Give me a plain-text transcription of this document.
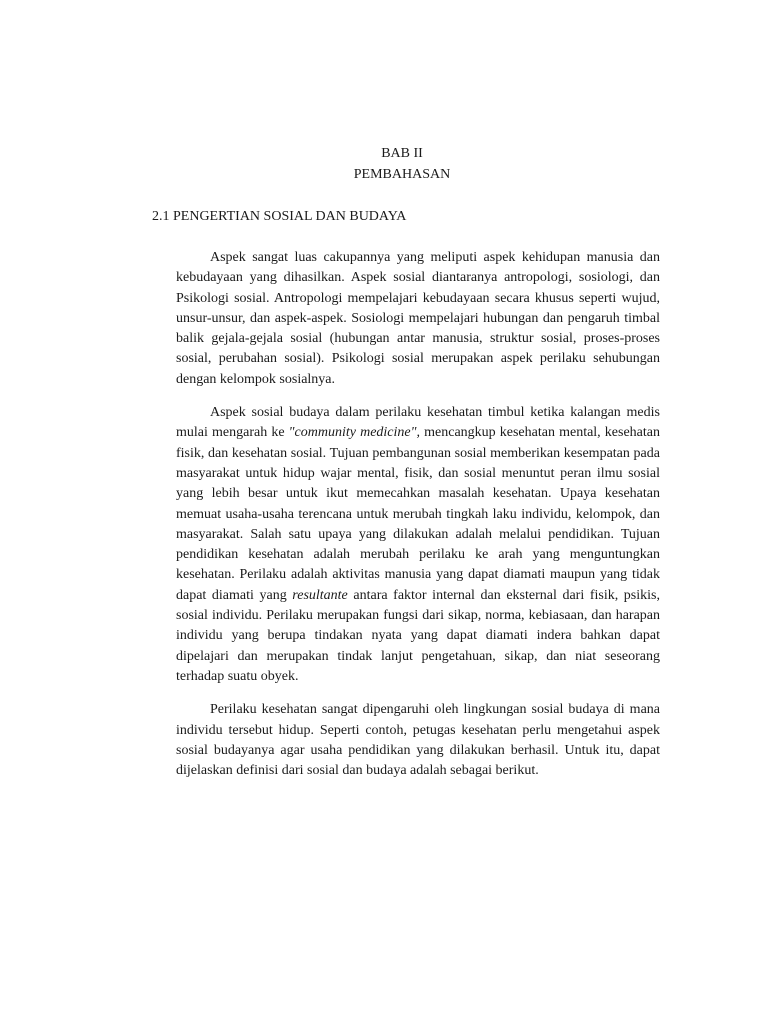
BAB II
PEMBAHASAN
2.1 PENGERTIAN SOSIAL DAN BUDAYA

Aspek sangat luas cakupannya yang meliputi aspek kehidupan manusia dan kebudayaan yang dihasilkan. Aspek sosial diantaranya antropologi, sosiologi, dan Psikologi sosial. Antropologi mempelajari kebudayaan secara khusus seperti wujud, unsur-unsur, dan aspek-aspek. Sosiologi mempelajari hubungan dan pengaruh timbal balik gejala-gejala sosial (hubungan antar manusia, struktur sosial, proses-proses sosial, perubahan sosial). Psikologi sosial merupakan aspek perilaku sehubungan dengan kelompok sosialnya.

Aspek sosial budaya dalam perilaku kesehatan timbul ketika kalangan medis mulai mengarah ke "community medicine", mencangkup kesehatan mental, kesehatan fisik, dan kesehatan sosial. Tujuan pembangunan sosial memberikan kesempatan pada masyarakat untuk hidup wajar mental, fisik, dan sosial menuntut peran ilmu sosial yang lebih besar untuk ikut memecahkan masalah kesehatan. Upaya kesehatan memuat usaha-usaha terencana untuk merubah tingkah laku individu, kelompok, dan masyarakat. Salah satu upaya yang dilakukan adalah melalui pendidikan. Tujuan pendidikan kesehatan adalah merubah perilaku ke arah yang menguntungkan kesehatan. Perilaku adalah aktivitas manusia yang dapat diamati maupun yang tidak dapat diamati yang resultante antara faktor internal dan eksternal dari fisik, psikis, sosial individu. Perilaku merupakan fungsi dari sikap, norma, kebiasaan, dan harapan individu yang berupa tindakan nyata yang dapat diamati indera bahkan dapat dipelajari dan merupakan tindak lanjut pengetahuan, sikap, dan niat seseorang terhadap suatu obyek.

Perilaku kesehatan sangat dipengaruhi oleh lingkungan sosial budaya di mana individu tersebut hidup. Seperti contoh, petugas kesehatan perlu mengetahui aspek sosial budayanya agar usaha pendidikan yang dilakukan berhasil. Untuk itu, dapat dijelaskan definisi dari sosial dan budaya adalah sebagai berikut.
